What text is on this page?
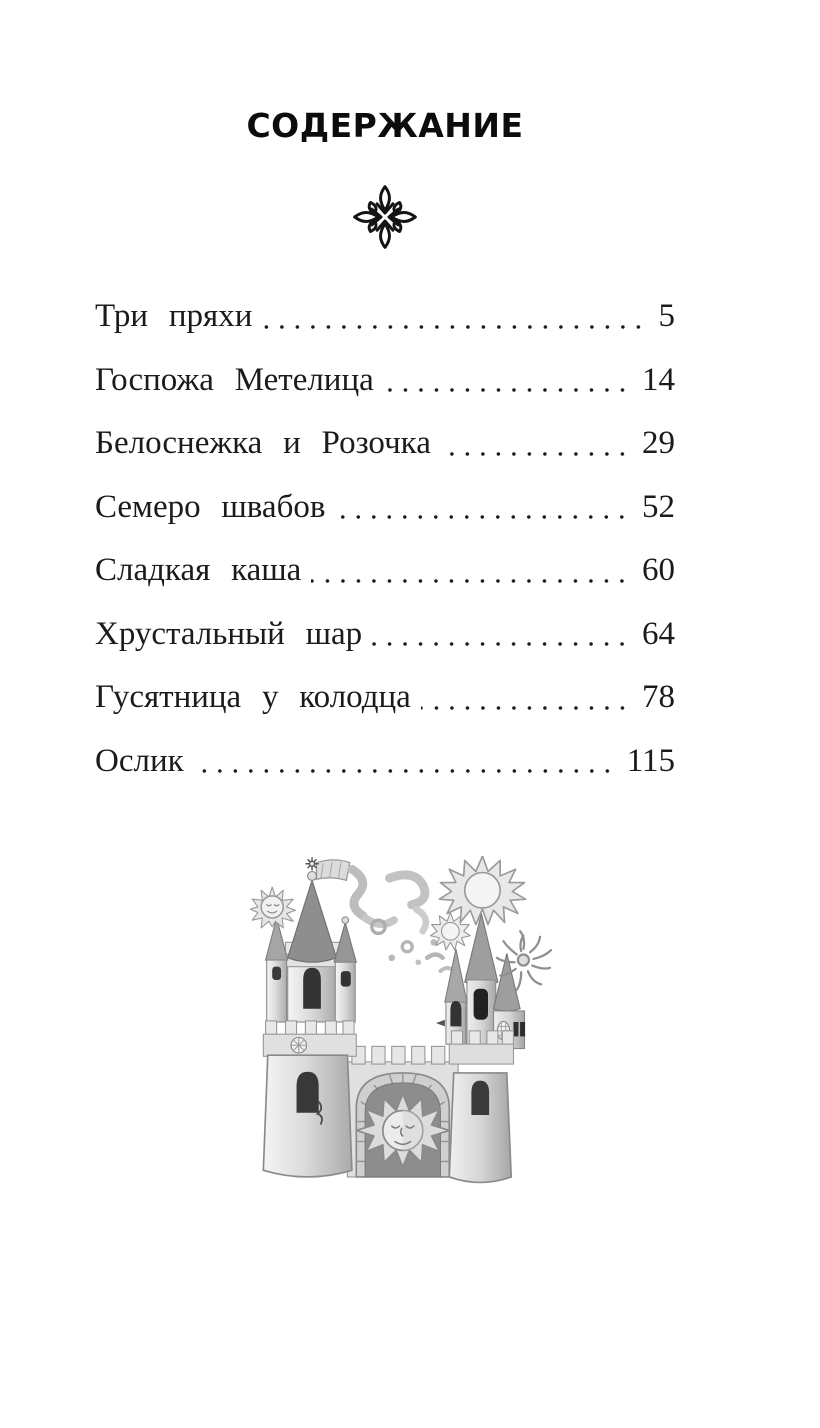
СОДЕРЖАНИЕ
Три пряхи	5
Госпожа Метелица	14
Белоснежка и Розочка	29
Семеро швабов	52
Сладкая каша	60
Хрустальный шар	64
Гусятница у колодца	78
Ослик	115
